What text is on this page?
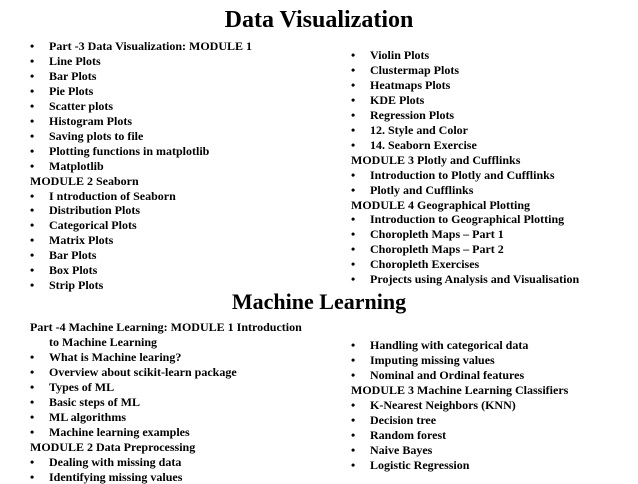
Data Visualization
• Part -3 Data Visualization: MODULE 1
• Line Plots
• Bar Plots
• Pie Plots
• Scatter plots
• Histogram Plots
• Saving plots to file
• Plotting functions in matplotlib
• Matplotlib
MODULE 2 Seaborn
• I ntroduction of Seaborn
• Distribution Plots
• Categorical Plots
• Matrix Plots
• Bar Plots
• Box Plots
• Strip Plots
• Violin Plots
• Clustermap Plots
• Heatmaps Plots
• KDE Plots
• Regression Plots
• 12. Style and Color
• 14. Seaborn Exercise
MODULE 3 Plotly and Cufflinks
• Introduction to Plotly and Cufflinks
• Plotly and Cufflinks
MODULE 4 Geographical Plotting
• Introduction to Geographical Plotting
• Choropleth Maps – Part 1
• Choropleth Maps – Part 2
• Choropleth Exercises
• Projects using Analysis and Visualisation
Machine Learning
Part -4 Machine Learning: MODULE 1 Introduction
to Machine Learning
• What is Machine learing?
• Overview about scikit-learn package
• Types of ML
• Basic steps of ML
• ML algorithms
• Machine learning examples
MODULE 2 Data Preprocessing
• Dealing with missing data
• Identifying missing values
• Handling with categorical data
• Imputing missing values
• Nominal and Ordinal features
MODULE 3 Machine Learning Classifiers
• K-Nearest Neighbors (KNN)
• Decision tree
• Random forest
• Naive Bayes
• Logistic Regression
